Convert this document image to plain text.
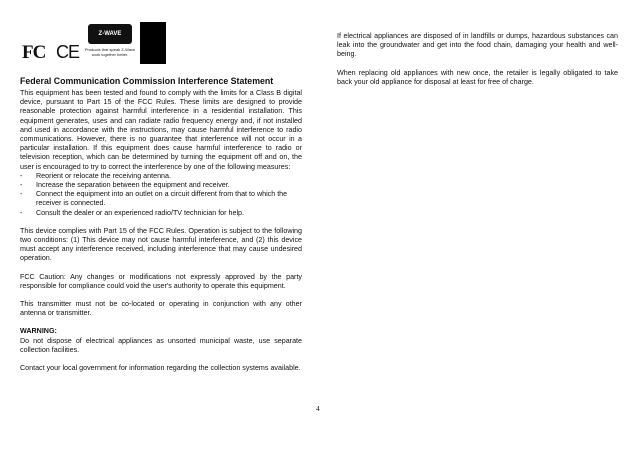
FC CE
Z-WAVE
Products that speak Z-Wave work together better.
Federal Communication Commission Interference Statement

This equipment has been tested and found to comply with the limits for a Class B digital device, pursuant to Part 15 of the FCC Rules. These limits are designed to provide reasonable protection against harmful interference in a residential installation. This equipment generates, uses and can radiate radio frequency energy and, if not installed and used in accordance with the instructions, may cause harmful interference to radio communications. However, there is no guarantee that interference will not occur in a particular installation. If this equipment does cause harmful interference to radio or television reception, which can be determined by turning the equipment off and on, the user is encouraged to try to correct the interference by one of the following measures:

- Reorient or relocate the receiving antenna.
- Increase the separation between the equipment and receiver.
- Connect the equipment into an outlet on a circuit different from that to which the receiver is connected.
- Consult the dealer or an experienced radio/TV technician for help.

This device complies with Part 15 of the FCC Rules. Operation is subject to the following two conditions: (1) This device may not cause harmful interference, and (2) this device must accept any interference received, including interference that may cause undesired operation.

FCC Caution: Any changes or modifications not expressly approved by the party responsible for compliance could void the user's authority to operate this equipment.

This transmitter must not be co-located or operating in conjunction with any other antenna or transmitter.

WARNING:

Do not dispose of electrical appliances as unsorted municipal waste, use separate collection facilities.

Contact your local government for information regarding the collection systems available.

If electrical appliances are disposed of in landfills or dumps, hazardous substances can leak into the groundwater and get into the food chain, damaging your health and well-being.

When replacing old appliances with new once, the retailer is legally obligated to take back your old appliance for disposal at least for free of charge.

4
